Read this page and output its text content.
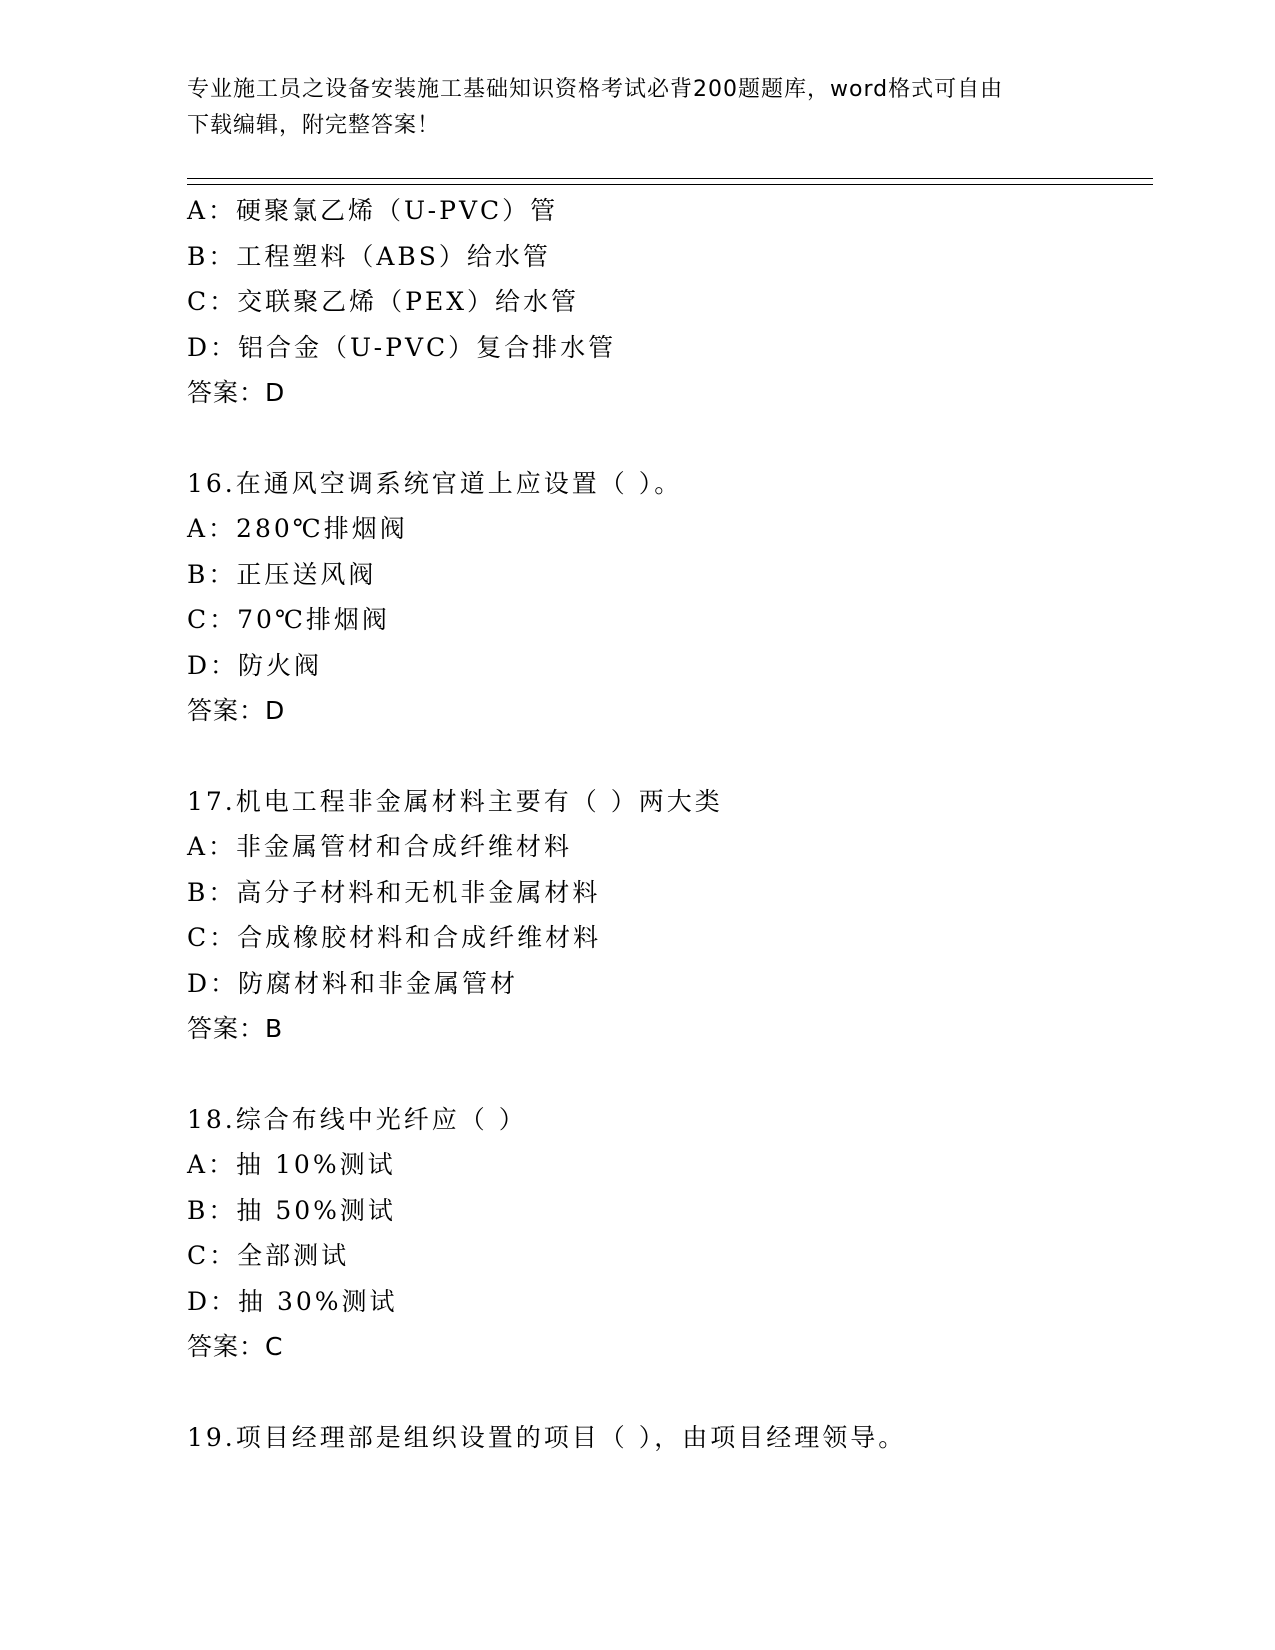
专业施工员之设备安装施工基础知识资格考试必背200题题库，word格式可自由
下载编辑，附完整答案！
A：硬聚氯乙烯（U-PVC）管
B：工程塑料（ABS）给水管
C：交联聚乙烯（PEX）给水管
D：铝合金（U-PVC）复合排水管
答案：D
16.在通风空调系统官道上应设置（ ）。
A：280℃排烟阀
B：正压送风阀
C：70℃排烟阀
D：防火阀
答案：D
17.机电工程非金属材料主要有（ ）两大类
A：非金属管材和合成纤维材料
B：高分子材料和无机非金属材料
C：合成橡胶材料和合成纤维材料
D：防腐材料和非金属管材
答案：B
18.综合布线中光纤应（ ）
A：抽 10%测试
B：抽 50%测试
C：全部测试
D：抽 30%测试
答案：C
19.项目经理部是组织设置的项目（ ），由项目经理领导。
